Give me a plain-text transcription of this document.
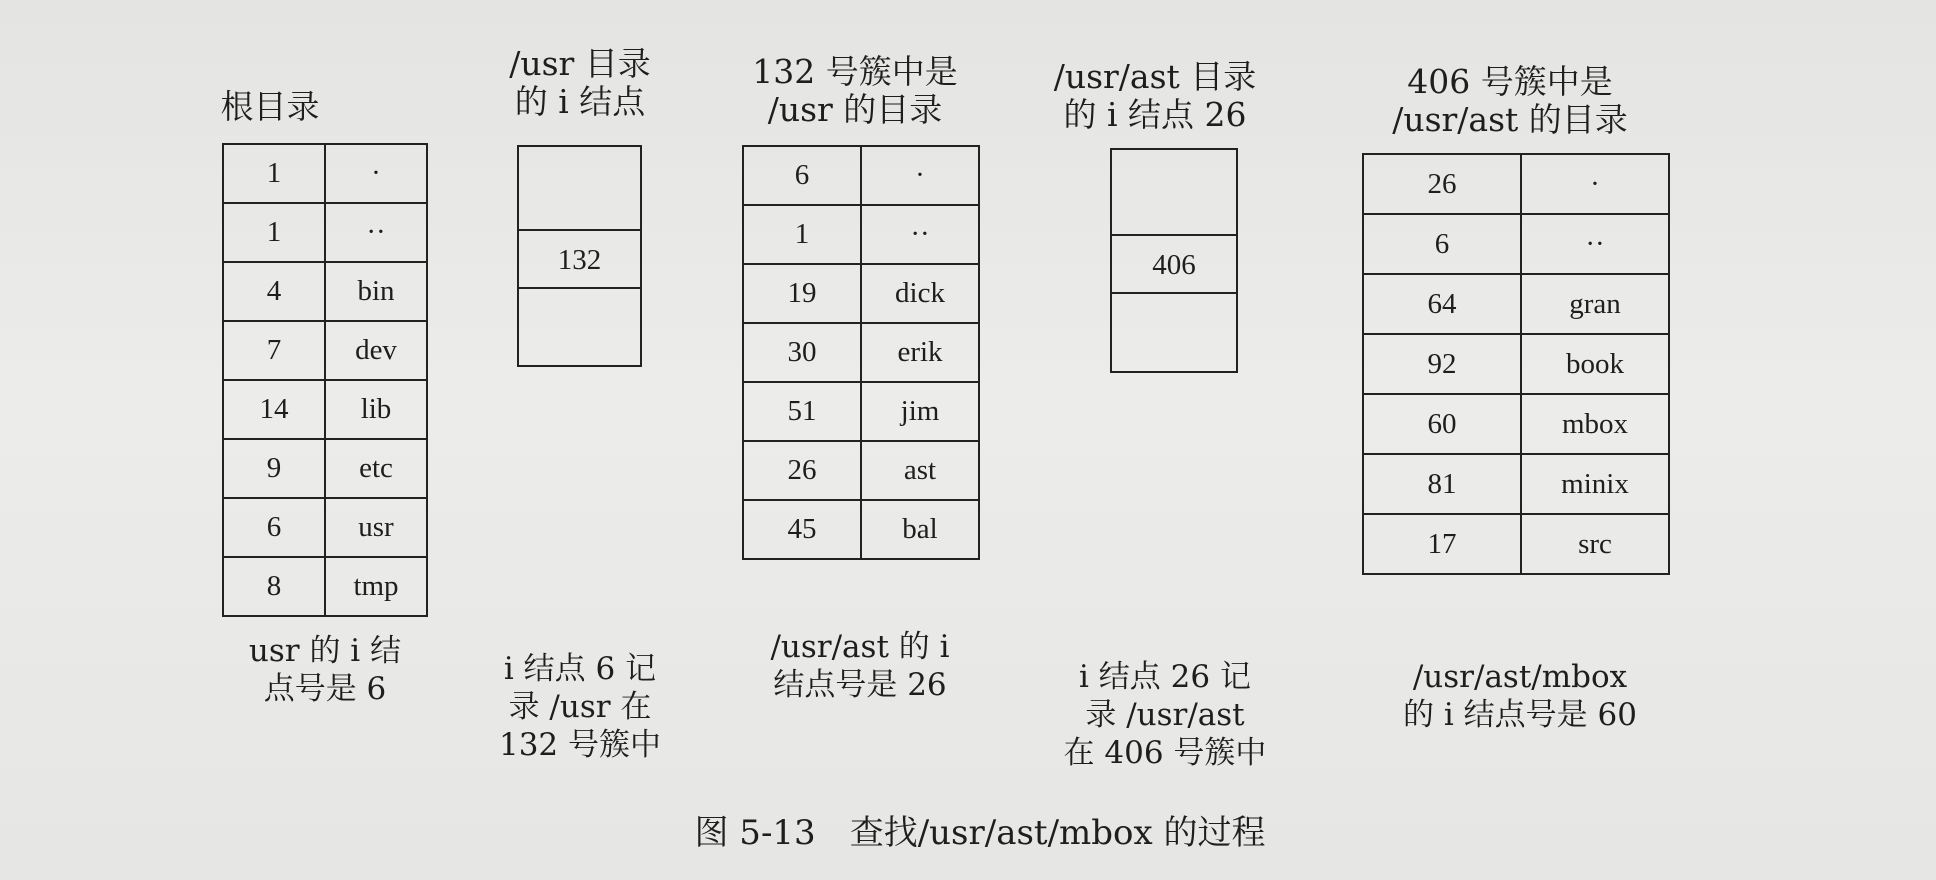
根目录
1	·
1	··
4	bin
7	dev
14	lib
9	etc
6	usr
8	tmp
usr 的 i 结
点号是 6
/usr 目录
的 i 结点
132
i 结点 6 记
录 /usr 在
132 号簇中
132 号簇中是
/usr 的目录
6	·
1	··
19	dick
30	erik
51	jim
26	ast
45	bal
/usr/ast 的 i
结点号是 26
/usr/ast 目录
的 i 结点 26
406
i 结点 26 记
录 /usr/ast
在 406 号簇中
406 号簇中是
/usr/ast 的目录
26	·
6	··
64	gran
92	book
60	mbox
81	minix
17	src
/usr/ast/mbox
的 i 结点号是 60
图 5-13　查找/usr/ast/mbox 的过程
